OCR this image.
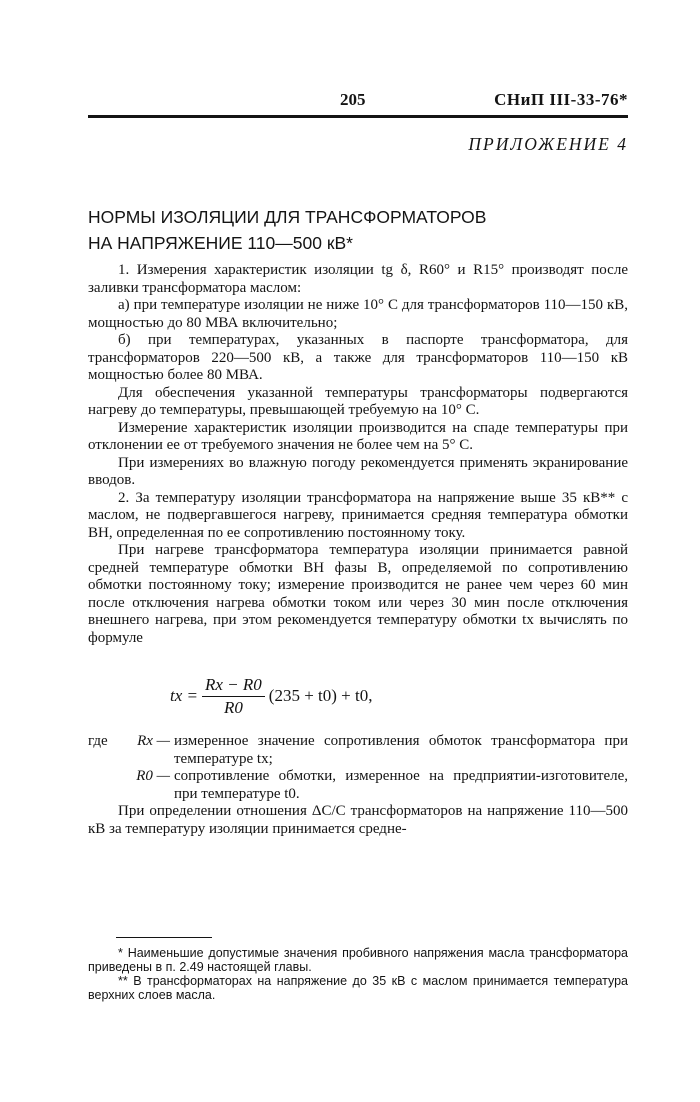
205	СНиП III-33-76*
ПРИЛОЖЕНИЕ 4
НОРМЫ ИЗОЛЯЦИИ ДЛЯ ТРАНСФОРМАТОРОВ
НА НАПРЯЖЕНИЕ 110—500 кВ*

1. Измерения характеристик изоляции tg δ, R60° и R15° производят после заливки трансформатора маслом:

а) при температуре изоляции не ниже 10° С для трансформаторов 110—150 кВ, мощностью до 80 МВА включительно;

б) при температурах, указанных в паспорте трансформатора, для трансформаторов 220—500 кВ, а также для трансформаторов 110—150 кВ мощностью более 80 МВА.

Для обеспечения указанной температуры трансформаторы подвергаются нагреву до температуры, превышающей требуемую на 10° С.

Измерение характеристик изоляции производится на спаде температуры при отклонении ее от требуемого значения не более чем на 5° С.

При измерениях во влажную погоду рекомендуется применять экранирование вводов.

2. За температуру изоляции трансформатора на напряжение выше 35 кВ** с маслом, не подвергавшегося нагреву, принимается средняя температура обмотки ВН, определенная по ее сопротивлению постоянному току.

При нагреве трансформатора температура изоляции принимается равной средней температуре обмотки ВН фазы В, определяемой по сопротивлению обмотки постоянному току; измерение производится не ранее чем через 60 мин после отключения нагрева обмотки током или через 30 мин после отключения внешнего нагрева, при этом рекомендуется температуру обмотки tx вычислять по формуле

tx = $\frac{Rx - R0}{R0} (235 + t0) + t0$,
где	Rx — измеренное значение сопротивления обмоток трансформатора при температуре tx;
R0 — сопротивление обмотки, измеренное на предприятии-изготовителе, при температуре t0.

При определении отношения ΔC/C трансформаторов на напряжение 110—500 кВ за температуру изоляции принимается средне-

* Наименьшие допустимые значения пробивного напряжения масла трансформатора приведены в п. 2.49 настоящей главы.

** В трансформаторах на напряжение до 35 кВ с маслом принимается температура верхних слоев масла.
